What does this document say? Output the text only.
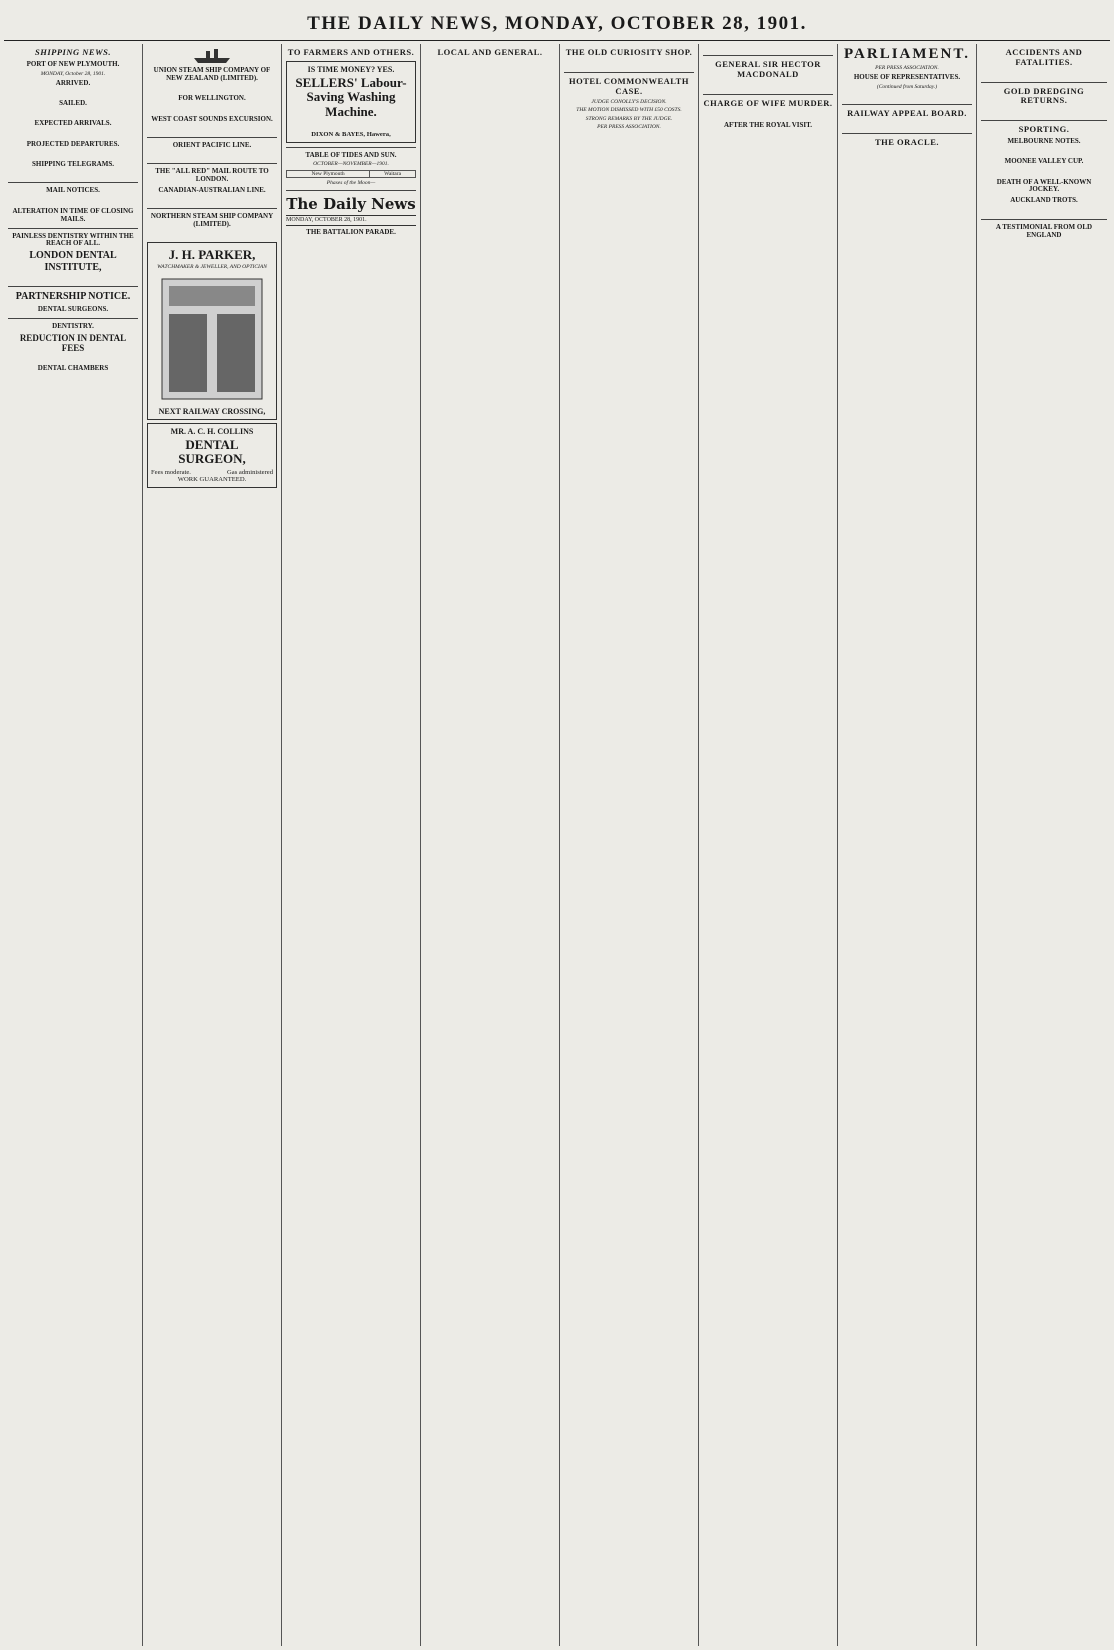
THE DAILY NEWS, MONDAY, OCTOBER 28, 1901.
SHIPPING NEWS.
PORT OF NEW PLYMOUTH.
MONDAY, October 28, 1901.
ARRIVED.

SAILED.

EXPECTED ARRIVALS.

PROJECTED DEPARTURES.

SHIPPING TELEGRAMS.

MAIL NOTICES.

ALTERATION IN TIME OF CLOSING MAILS.
PAINLESS DENTISTRY WITHIN THE REACH OF ALL.
LONDON DENTAL INSTITUTE,

PARTNERSHIP NOTICE.
DENTAL SURGEONS.
DENTISTRY.
REDUCTION IN DENTAL FEES

DENTAL CHAMBERS
UNION STEAM SHIP COMPANY OF NEW ZEALAND (LIMITED).

FOR WELLINGTON.

WEST COAST SOUNDS EXCURSION.

ORIENT PACIFIC LINE.

THE "ALL RED" MAIL ROUTE TO LONDON.
CANADIAN-AUSTRALIAN LINE.

NORTHERN STEAM SHIP COMPANY (LIMITED).

J. H. PARKER,
WATCHMAKER & JEWELLER, AND OPTICIAN
NEXT RAILWAY CROSSING,
MR. A. C. H. COLLINS
DENTAL SURGEON,
Fees moderate.	Gas administered
WORK GUARANTEED.
TO FARMERS AND OTHERS.
IS TIME MONEY? YES.
SELLERS' Labour-Saving Washing Machine.

DIXON & BAYES, Hawera,
TABLE OF TIDES AND SUN.
OCTOBER—NOVEMBER—1901.
New Plymouth	Waitara
Phases of the Moon—
The Daily News
MONDAY, OCTOBER 28, 1901.
THE BATTALION PARADE.

LOCAL AND GENERAL.	THE OLD CURIOSITY SHOP.

HOTEL COMMONWEALTH CASE.
JUDGE CONOLLY'S DECISION.
THE MOTION DISMISSED WITH £50 COSTS.
STRONG REMARKS BY THE JUDGE.
PER PRESS ASSOCIATION.

GENERAL SIR HECTOR MACDONALD

CHARGE OF WIFE MURDER.

AFTER THE ROYAL VISIT.

PARLIAMENT.
PER PRESS ASSOCIATION.
HOUSE OF REPRESENTATIVES.
(Continued from Saturday.)

RAILWAY APPEAL BOARD.

THE ORACLE.

ACCIDENTS AND FATALITIES.

GOLD DREDGING RETURNS.

SPORTING.
MELBOURNE NOTES.

MOONEE VALLEY CUP.

DEATH OF A WELL-KNOWN JOCKEY.
AUCKLAND TROTS.

A TESTIMONIAL FROM OLD ENGLAND
